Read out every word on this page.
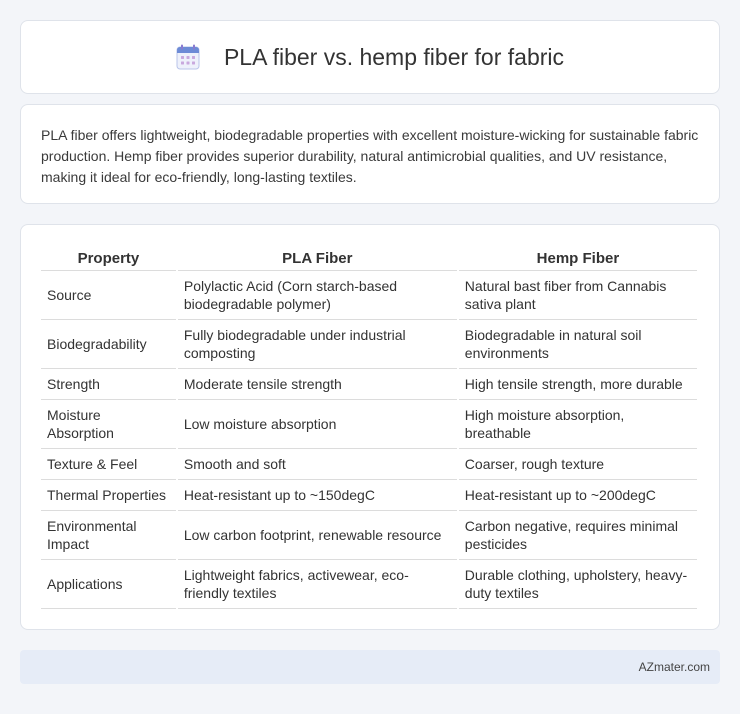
PLA fiber vs. hemp fiber for fabric

PLA fiber offers lightweight, biodegradable properties with excellent moisture-wicking for sustainable fabric production. Hemp fiber provides superior durability, natural antimicrobial qualities, and UV resistance, making it ideal for eco-friendly, long-lasting textiles.

Property	PLA Fiber	Hemp Fiber
Source	Polylactic Acid (Corn starch-based biodegradable polymer)	Natural bast fiber from Cannabis sativa plant
Biodegradability	Fully biodegradable under industrial composting	Biodegradable in natural soil environments
Strength	Moderate tensile strength	High tensile strength, more durable
Moisture Absorption	Low moisture absorption	High moisture absorption, breathable
Texture & Feel	Smooth and soft	Coarser, rough texture
Thermal Properties	Heat-resistant up to ~150degC	Heat-resistant up to ~200degC
Environmental Impact	Low carbon footprint, renewable resource	Carbon negative, requires minimal pesticides
Applications	Lightweight fabrics, activewear, eco-friendly textiles	Durable clothing, upholstery, heavy-duty textiles
AZmater.com
